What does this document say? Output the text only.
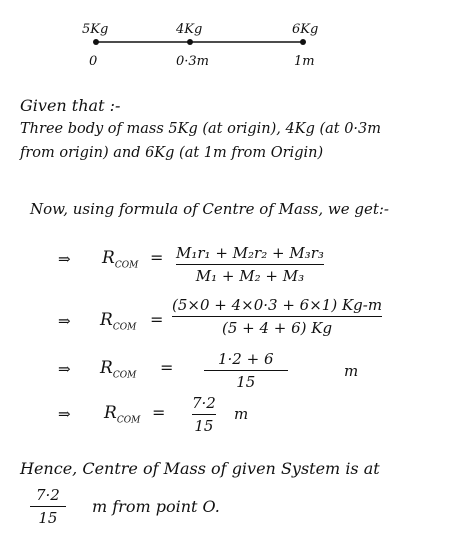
5Kg	4Kg	6Kg
0	0·3m	1m
Given that :-
Three body of mass 5Kg (at origin), 4Kg (at 0·3m
from origin) and 6Kg (at 1m from Origin)
Now, using formula of Centre of Mass, we get:-
⇒ $R_{COM} = M_1r_1 + M_2r_2 + M_3r_3$
M₁ + M₂ + M₃
⇒ $R_{COM}$ =
(5×0 + 4×0·3 + 6×1) Kg-m
(5 + 4 + 6) Kg
⇒ $R_{COM}$ =	1·2 + 6
15
m
⇒ $R_{COM} = 7\cdot 2$
15
m
Hence, Centre of Mass of given System is at
7·2
15
m from point O.
